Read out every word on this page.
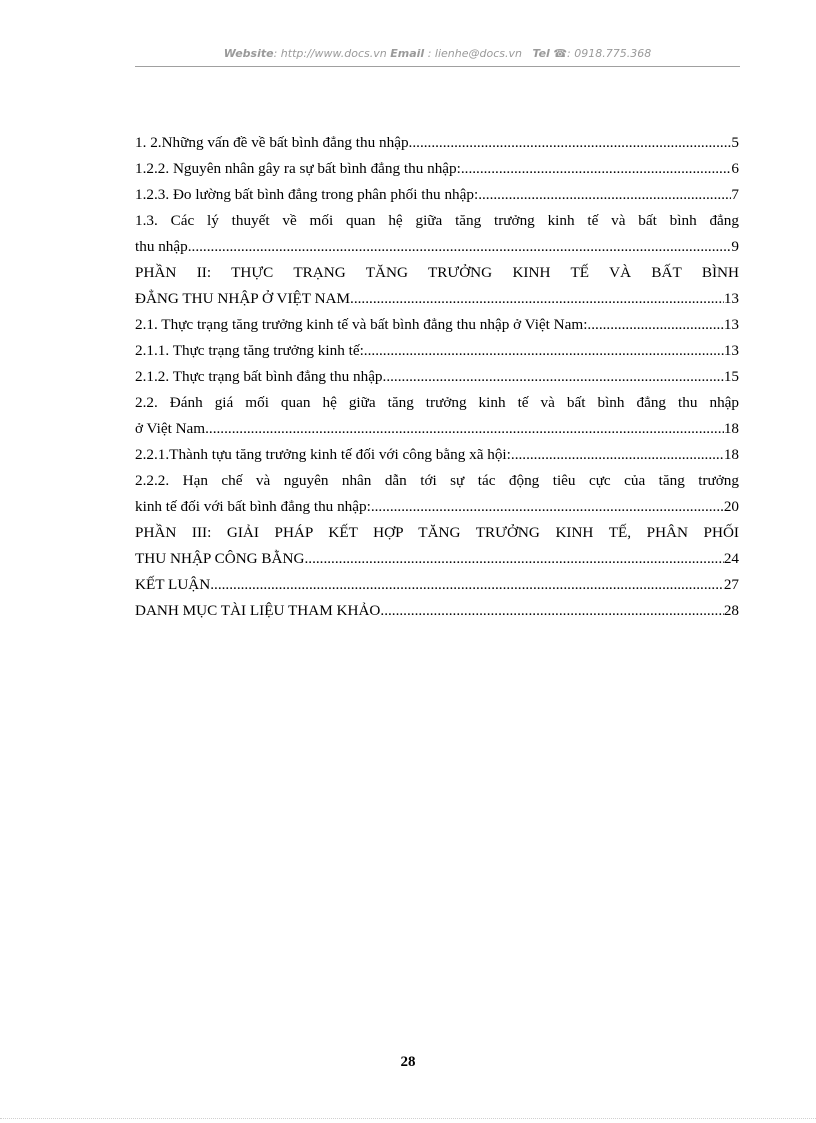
Website: http://www.docs.vn Email : lienhe@docs.vn Tel ☎: 0918.775.368
1. 2.Những vấn đề về bất bình đẳng thu nhập. .....	5
1.2.2. Nguyên nhân gây ra sự bất bình đẳng thu nhập: .....	6
1.2.3. Đo lường bất bình đẳng trong phân phối thu nhập: .....	7
1.3. Các lý thuyết về mối quan hệ giữa tăng trưởng kinh tế và bất bình đẳng
thu nhập. .....	9
PHẦN II: THỰC TRẠNG TĂNG TRƯỞNG KINH TẾ VÀ BẤT BÌNH
ĐẲNG THU NHẬP Ở VIỆT NAM. .....	13
2.1. Thực trạng tăng trưởng kinh tế và bất bình đẳng thu nhập ở Việt Nam: .....	13
2.1.1. Thực trạng tăng trưởng kinh tế: .....	13
2.1.2. Thực trạng bất bình đẳng thu nhập .....	15
2.2. Đánh giá mối quan hệ giữa tăng trưởng kinh tế và bất bình đẳng thu nhập
ở Việt Nam. .....	18
2.2.1.Thành tựu tăng trưởng kinh tế đối với công bằng xã hội: .....	18
2.2.2. Hạn chế và nguyên nhân dẫn tới sự tác động tiêu cực của tăng trưởng
kinh tế đối với bất bình đẳng thu nhập: .....	20
PHẦN III: GIẢI PHÁP KẾT HỢP TĂNG TRƯỞNG KINH TẾ, PHÂN PHỐI
THU NHẬP CÔNG BẰNG. .....	24
KẾT LUẬN .....	27
DANH MỤC TÀI LIỆU THAM KHẢO .....	28
28
